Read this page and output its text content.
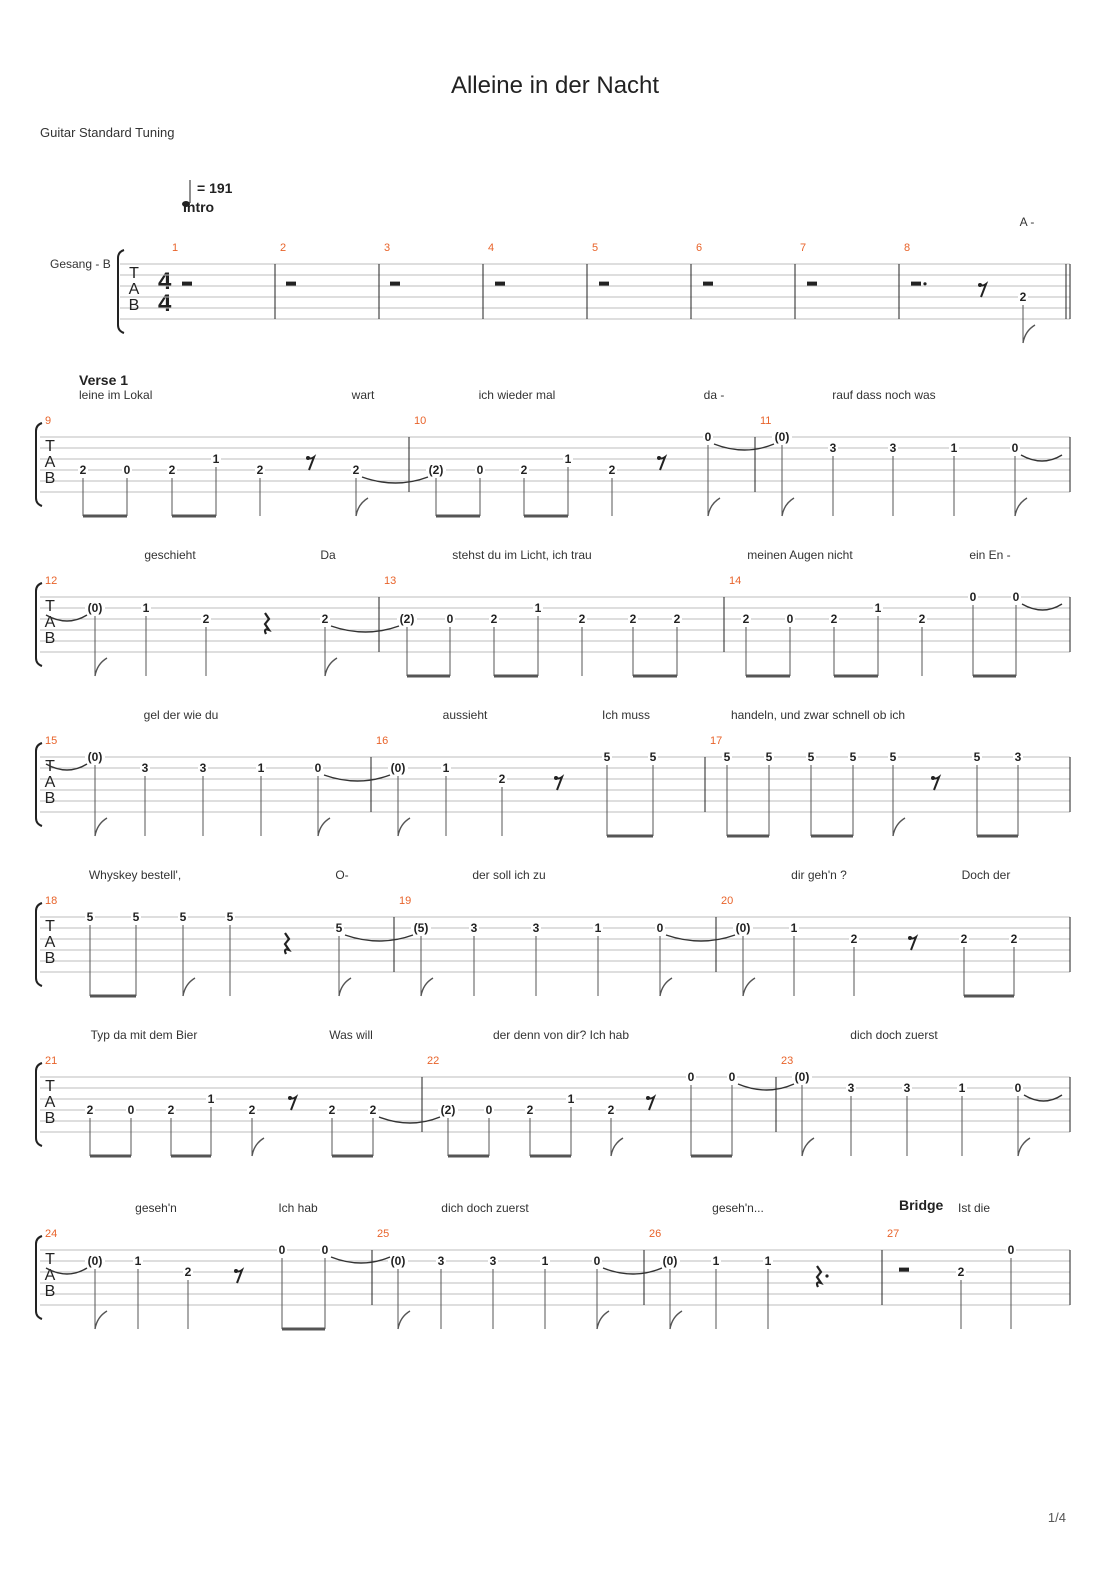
Alleine in der Nacht
Guitar Standard Tuning
= 191
Intro
Gesang - B
4
4
T
A
B
A -
1	2	3	4	5	6	7	8
2
T
A
B
Verse 1
leine im Lokal	wart	ich wieder mal	da -	rauf dass noch was
9
2	0	2
1
2	2
10
(2)	0	2
1
2
0
11
(0)
3	3	1	0
T
A
B
geschieht	Da	stehst du im Licht, ich trau	meinen Augen nicht	ein En -
12
(0)	1
2	2
13
(2)	0	2
1
2	2	2
14
2	0	2
1
2
0	0
T
A
B
gel der wie du	aussieht	Ich muss	handeln, und zwar schnell ob ich
15
(0)
3	3	1	0
16
(0)	1
2
5	5
17
5	5	5	5	5	5	3
T
A
B
Whyskey bestell',	O-	der soll ich zu	dir geh'n ?	Doch der
18
5	5	5	5
5
19
(5)	3	3	1	0
20
(0)	1
2	2	2
T
A
B
Typ da mit dem Bier	Was will	der denn von dir? Ich hab	dich doch zuerst
21
2	0	2
1
2	2	2
22
(2)	0	2
1
2
0	0
23
(0)
3	3	1	0
T
A
B
Bridge
geseh'n	Ich hab	dich doch zuerst	geseh'n...	Ist die
24
(0)	1
2
0	0
25
(0)	3	3	1	0
26
(0)	1	1
27
2
0
1/4
